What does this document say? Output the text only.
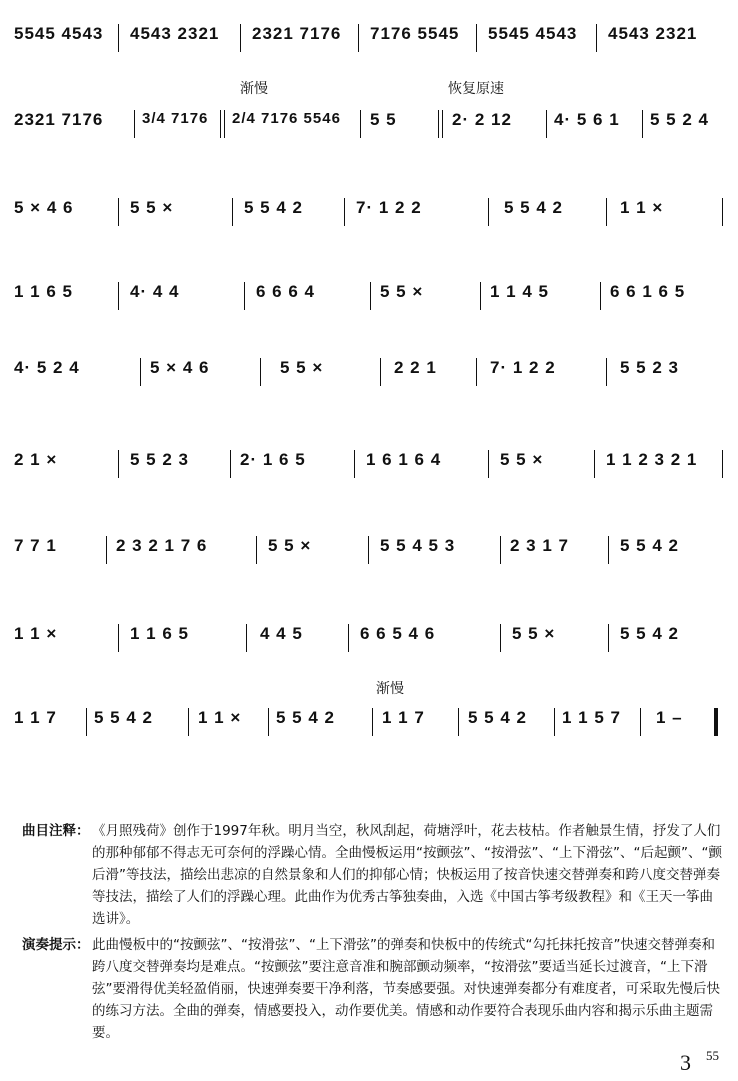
5545 4543 4543 2321 2321 7176 7176 5545 5545 4543 4543 2321
渐慢	恢复原速
2321 7176	3/4 7176 2/4 7176 5546 5 5	2· 2 12 4· 5 6 1 5 5 2 4
5 × 4 6	5 5 ×	5 5 4 2	7· 1 2 2	5 5 4 2	1 1 ×
1 1 6 5	4· 4 4	6 6 6 4	5 5 ×	1 1 4 5	6 6 1 6 5
4· 5 2 4	5 × 4 6	5 5 ×	2 2 1	7· 1 2 2	5 5 2 3
2 1 ×	5 5 2 3	2· 1 6 5	1 6 1 6 4	5 5 ×	1 1 2 3 2 1
7 7 1	2 3 2 1 7 6	5 5 ×	5 5 4 5 3	2 3 1 7	5 5 4 2
1 1 ×	1 1 6 5	4 4 5	6 6 5 4 6	5 5 ×	5 5 4 2
渐慢
1 1 7 5 5 4 2	1 1 × 5 5 4 2	1 1 7	5 5 4 2 1 1 5 7 1 –
曲目注释： 《月照残荷》创作于1997年秋。明月当空，秋风刮起，荷塘浮叶，花去枝枯。作者触景生情，抒发了人们的那种郁郁不得志无可奈何的浮躁心情。全曲慢板运用“按颤弦”、“按滑弦”、“上下滑弦”、“后起颤”、“颤后滑”等技法，描绘出悲凉的自然景象和人们的抑郁心情；快板运用了按音快速交替弹奏和跨八度交替弹奏等技法，描绘了人们的浮躁心理。此曲作为优秀古筝独奏曲，入选《中国古筝考级教程》和《王天一筝曲选讲》。
演奏提示： 此曲慢板中的“按颤弦”、“按滑弦”、“上下滑弦”的弹奏和快板中的传统式“勾托抹托按音”快速交替弹奏和跨八度交替弹奏均是难点。“按颤弦”要注意音准和腕部颤动频率，“按滑弦”要适当延长过渡音，“上下滑弦”要滑得优美轻盈俏丽，快速弹奏要干净利落，节奏感要强。对快速弹奏都分有难度者，可采取先慢后快的练习方法。全曲的弹奏，情感要投入，动作要优美。情感和动作要符合表现乐曲内容和揭示乐曲主题需要。
3 55
